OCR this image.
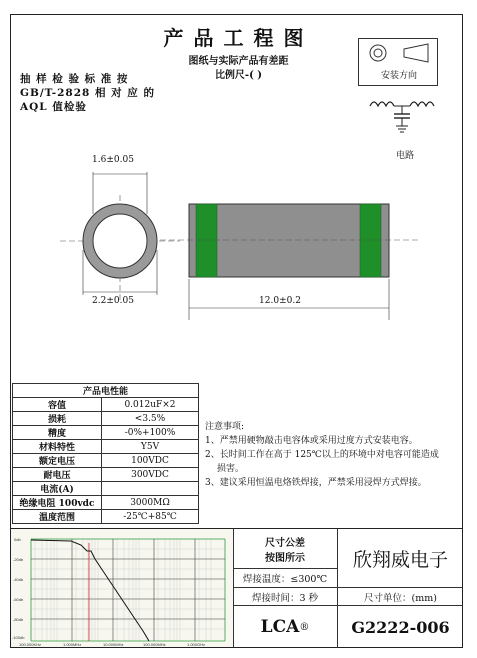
产品工程图
图纸与实际产品有差距
比例尺-( )
抽 样 检 验 标 准 按
GB/T-2828 相 对 应 的
AQL 值检验
安装方向
电路
1.6±0.05
2.2±0.05	12.0±0.2
产品电性能	
容值	0.012uF×2
损耗	<3.5%
精度	-0%+100%
材料特性	Y5V
额定电压	100VDC
耐电压	300VDC
电流(A)	
绝缘电阻 100vdc	3000MΩ
温度范围	-25℃+85℃
注意事项:
1、严禁用硬物敲击电容体或采用过度方式安装电容。
2、长时间工作在高于 125℃以上的环境中对电容可能造成损害。
3、建议采用恒温电烙铁焊接，严禁采用浸焊方式焊接。
0db
-20db
-40db
-60db
-80db
-100db
100.000KHz	1.000MHz	10.000MHz	100.000MHz	1.000GHz
尺寸公差
按图所示
焊接温度：≤300℃
焊接时间：3 秒
LCA ®
欣翔威电子
尺寸单位：(mm)
G2222-006
